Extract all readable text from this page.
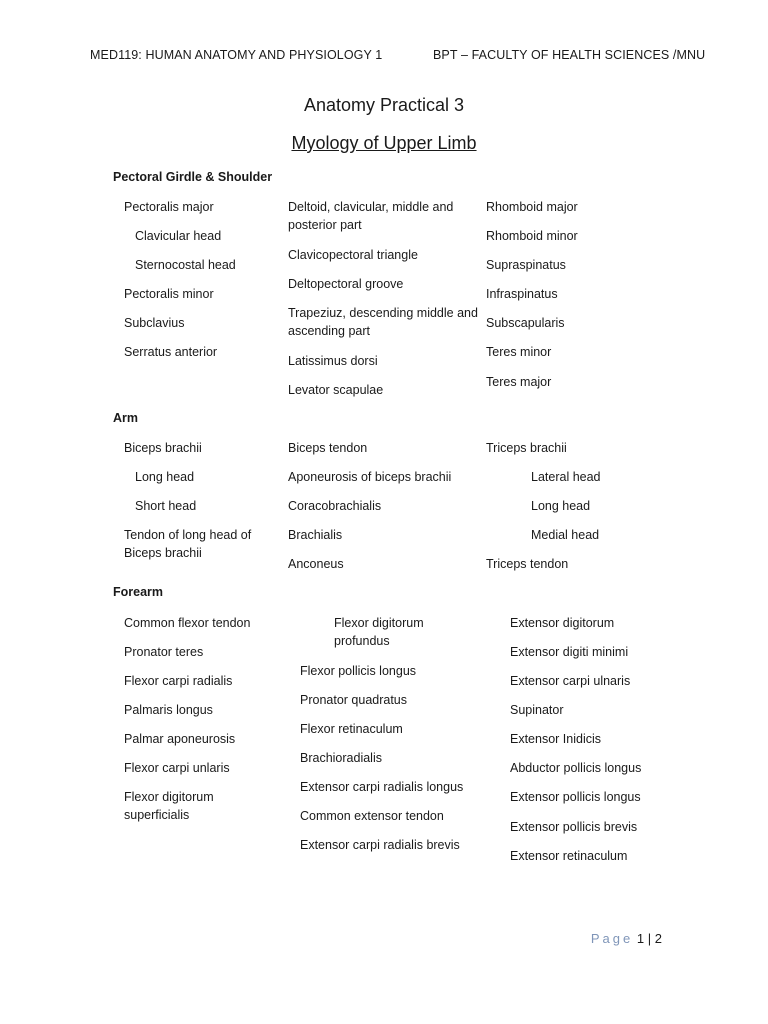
MED119: HUMAN ANATOMY AND PHYSIOLOGY 1	BPT – FACULTY OF HEALTH SCIENCES /MNU
Anatomy Practical 3
Myology of Upper Limb
Pectoral Girdle & Shoulder
Pectoralis major
Clavicular head
Sternocostal head
Pectoralis minor
Subclavius
Serratus anterior
Deltoid, clavicular, middle and posterior part
Clavicopectoral triangle
Deltopectoral groove
Trapeziuz, descending middle and ascending part
Latissimus dorsi
Levator scapulae
Rhomboid major
Rhomboid minor
Supraspinatus
Infraspinatus
Subscapularis
Teres minor
Teres major
Arm
Biceps brachii
Long head
Short head
Tendon of long head of Biceps brachii
Biceps tendon
Aponeurosis of biceps brachii
Coracobrachialis
Brachialis
Anconeus
Triceps brachii
Lateral head
Long head
Medial head
Triceps tendon
Forearm
Common flexor tendon
Pronator teres
Flexor carpi radialis
Palmaris longus
Palmar aponeurosis
Flexor carpi unlaris
Flexor digitorum superficialis
Flexor digitorum profundus
Flexor pollicis longus
Pronator quadratus
Flexor retinaculum
Brachioradialis
Extensor carpi radialis longus
Common extensor tendon
Extensor carpi radialis brevis
Extensor digitorum
Extensor digiti minimi
Extensor carpi ulnaris
Supinator
Extensor Inidicis
Abductor pollicis longus
Extensor pollicis longus
Extensor pollicis brevis
Extensor retinaculum
Page 1 | 2
